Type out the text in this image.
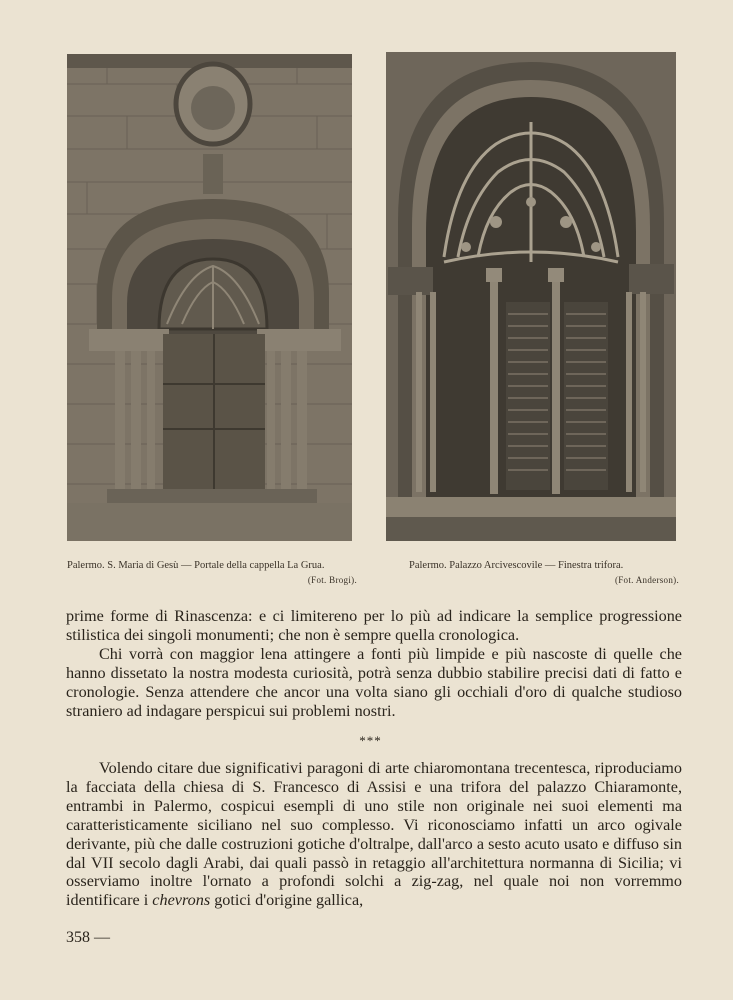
Palermo. S. Maria di Gesù — Portale della cappella La Grua.
(Fot. Brogi).
Palermo. Palazzo Arcivescovile — Finestra trifora.
(Fot. Anderson).

prime forme di Rinascenza: e ci limitereno per lo più ad indicare la semplice progressione stilistica dei singoli monumenti; che non è sempre quella cronologica.

Chi vorrà con maggior lena attingere a fonti più limpide e più nascoste di quelle che hanno dissetato la nostra modesta curiosità, potrà senza dubbio stabilire precisi dati di fatto e cronologie. Senza attendere che ancor una volta siano gli occhiali d'oro di qualche studioso straniero ad indagare perspicui sui problemi nostri.

***

Volendo citare due significativi paragoni di arte chiaromontana trecentesca, riproduciamo la facciata della chiesa di S. Francesco di Assisi e una trifora del palazzo Chiaramonte, entrambi in Palermo, cospicui esempli di uno stile non originale nei suoi elementi ma caratteristicamente siciliano nel suo complesso. Vi riconosciamo infatti un arco ogivale derivante, più che dalle costruzioni gotiche d'oltralpe, dall'arco a sesto acuto usato e diffuso sin dal VII secolo dagli Arabi, dai quali passò in retaggio all'architettura normanna di Sicilia; vi osserviamo inoltre l'ornato a profondi solchi a zig-zag, nel quale noi non vorremmo identificare i chevrons gotici d'origine gallica,

358 —
